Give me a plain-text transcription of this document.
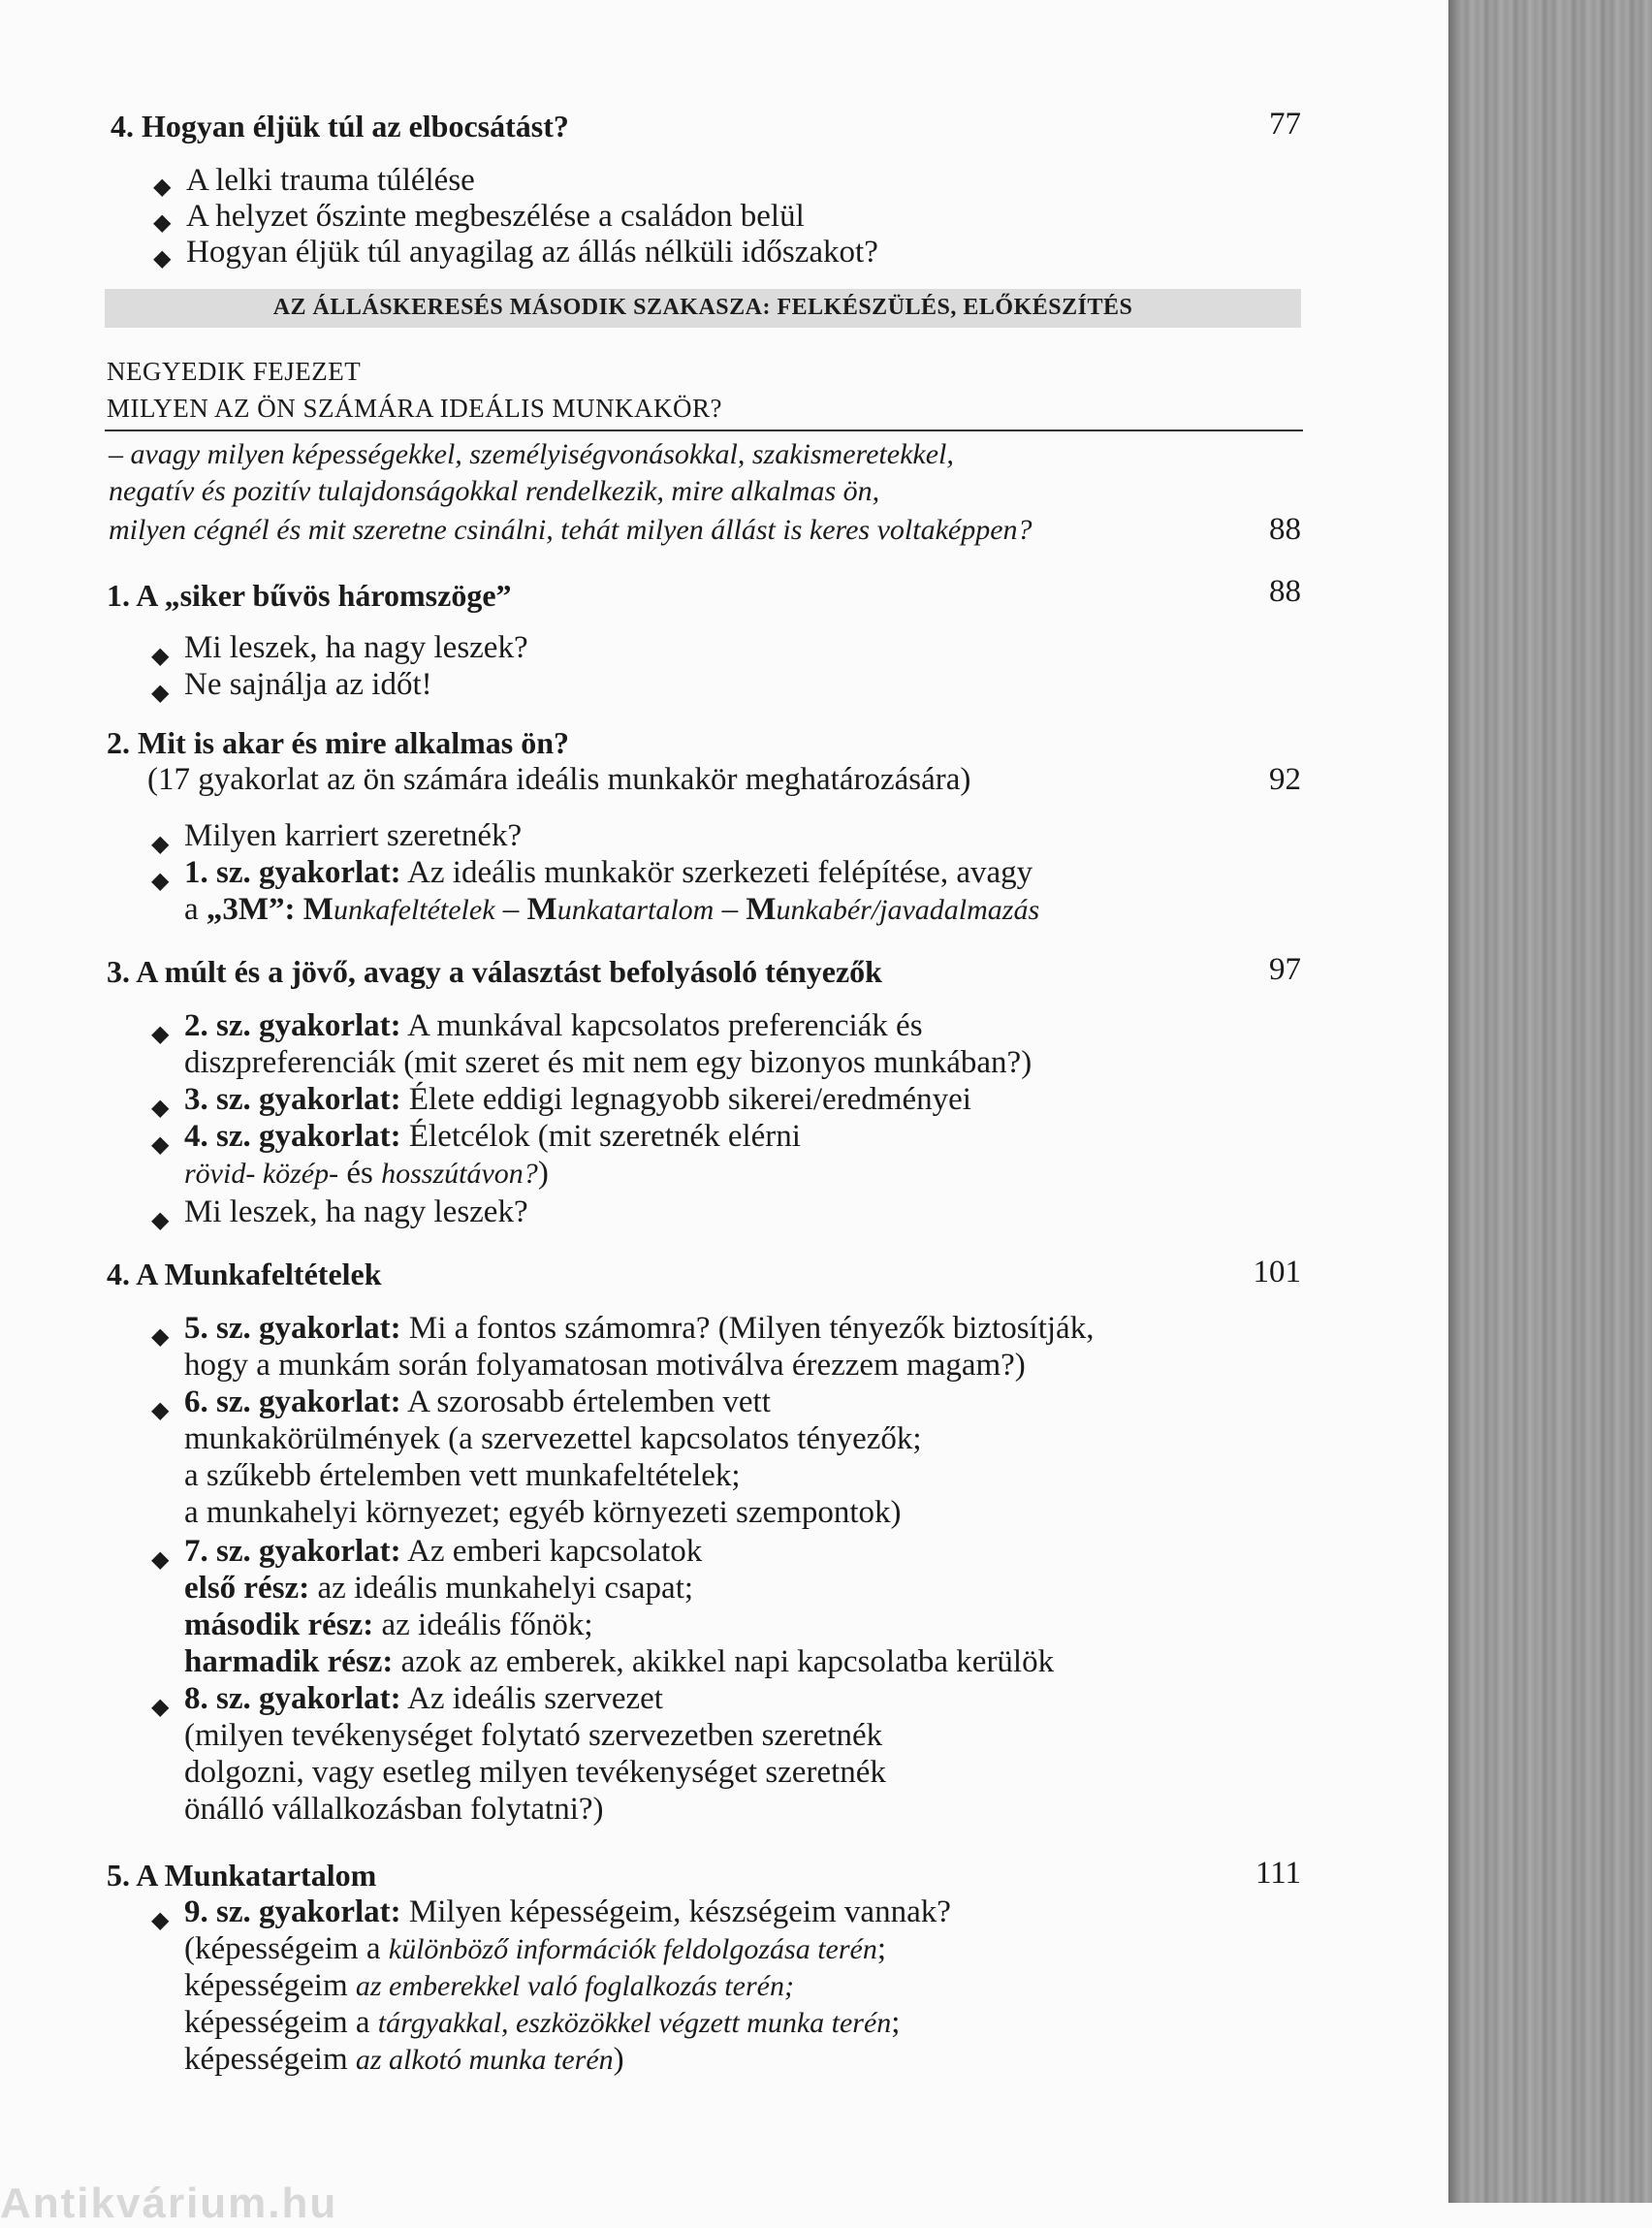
4. Hogyan éljük túl az elbocsátást?	77
◆ A lelki trauma túlélése
◆ A helyzet őszinte megbeszélése a családon belül
◆ Hogyan éljük túl anyagilag az állás nélküli időszakot?
AZ ÁLLÁSKERESÉS MÁSODIK SZAKASZA: FELKÉSZÜLÉS, ELŐKÉSZÍTÉS
NEGYEDIK FEJEZET
MILYEN AZ ÖN SZÁMÁRA IDEÁLIS MUNKAKÖR?
– avagy milyen képességekkel, személyiségvonásokkal, szakismeretekkel,
negatív és pozitív tulajdonságokkal rendelkezik, mire alkalmas ön,
milyen cégnél és mit szeretne csinálni, tehát milyen állást is keres voltaképpen?	88
1. A „siker bűvös háromszöge”	88
◆ Mi leszek, ha nagy leszek?
◆ Ne sajnálja az időt!
2. Mit is akar és mire alkalmas ön?
(17 gyakorlat az ön számára ideális munkakör meghatározására)	92
◆ Milyen karriert szeretnék?
◆ 1. sz. gyakorlat: Az ideális munkakör szerkezeti felépítése, avagy
a „3M”: Munkafeltételek – Munkatartalom – Munkabér/javadalmazás
3. A múlt és a jövő, avagy a választást befolyásoló tényezők	97
◆ 2. sz. gyakorlat: A munkával kapcsolatos preferenciák és
diszpreferenciák (mit szeret és mit nem egy bizonyos munkában?)
◆ 3. sz. gyakorlat: Élete eddigi legnagyobb sikerei/eredményei
◆ 4. sz. gyakorlat: Életcélok (mit szeretnék elérni
rövid- közép- és hosszútávon?)
◆ Mi leszek, ha nagy leszek?
4. A Munkafeltételek	101
◆ 5. sz. gyakorlat: Mi a fontos számomra? (Milyen tényezők biztosítják,
hogy a munkám során folyamatosan motiválva érezzem magam?)
◆ 6. sz. gyakorlat: A szorosabb értelemben vett
munkakörülmények (a szervezettel kapcsolatos tényezők;
a szűkebb értelemben vett munkafeltételek;
a munkahelyi környezet; egyéb környezeti szempontok)
◆ 7. sz. gyakorlat: Az emberi kapcsolatok
első rész: az ideális munkahelyi csapat;
második rész: az ideális főnök;
harmadik rész: azok az emberek, akikkel napi kapcsolatba kerülök
◆ 8. sz. gyakorlat: Az ideális szervezet
(milyen tevékenységet folytató szervezetben szeretnék
dolgozni, vagy esetleg milyen tevékenységet szeretnék
önálló vállalkozásban folytatni?)
5. A Munkatartalom	111
◆ 9. sz. gyakorlat: Milyen képességeim, készségeim vannak?
(képességeim a különböző információk feldolgozása terén;
képességeim az emberekkel való foglalkozás terén;
képességeim a tárgyakkal, eszközökkel végzett munka terén;
képességeim az alkotó munka terén)
Antikvárium.hu
